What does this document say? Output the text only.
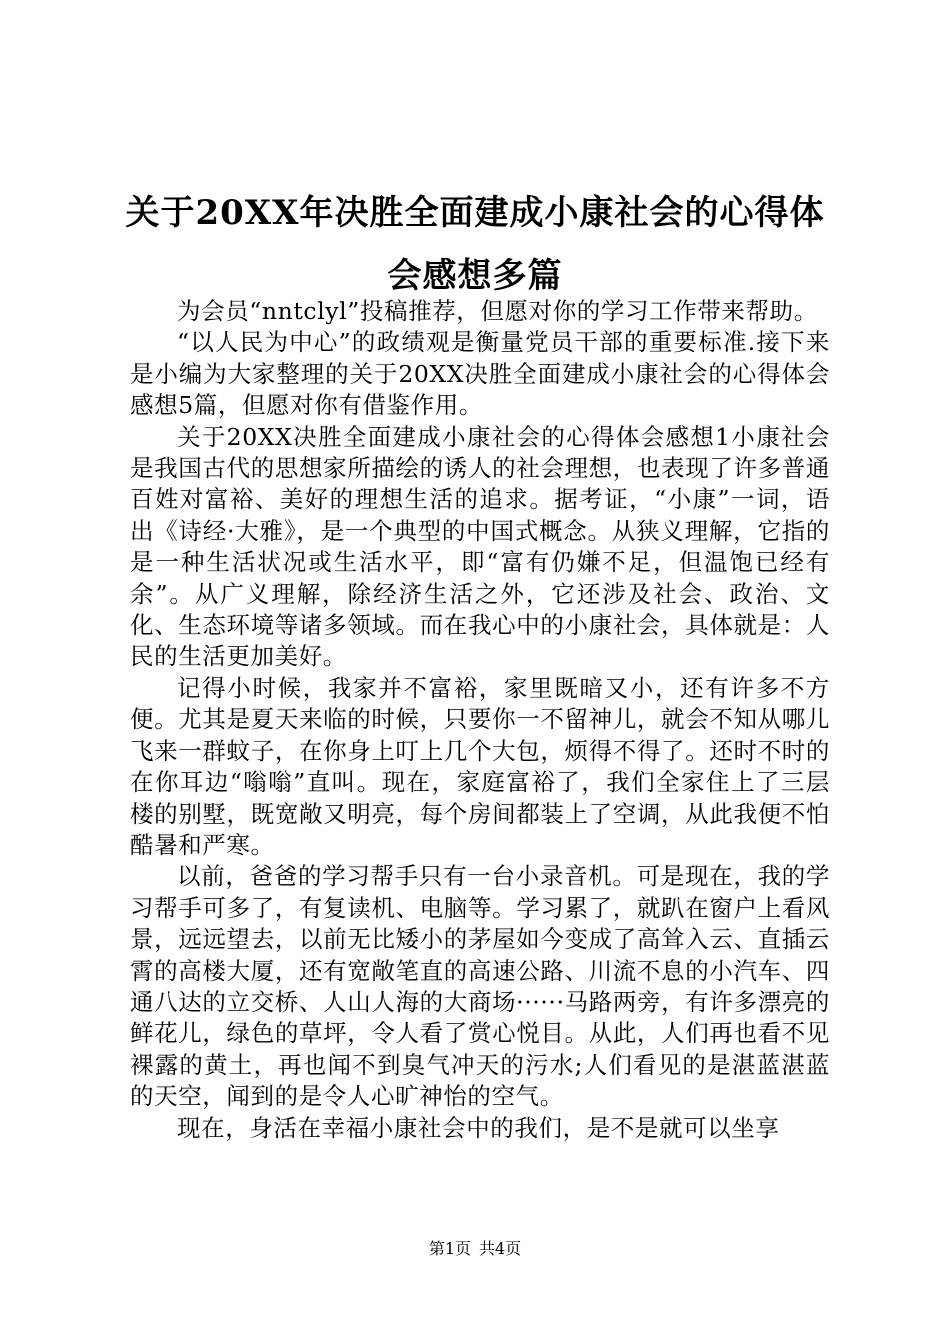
关于20XX年决胜全面建成小康社会的心得体
会感想多篇

为会员“nntclyl”投稿推荐，但愿对你的学习工作带来帮助。

“以人民为中心”的政绩观是衡量党员干部的重要标准.接下来是小编为大家整理的关于20XX决胜全面建成小康社会的心得体会感想5篇，但愿对你有借鉴作用。

关于20XX决胜全面建成小康社会的心得体会感想1小康社会是我国古代的思想家所描绘的诱人的社会理想，也表现了许多普通百姓对富裕、美好的理想生活的追求。据考证，“小康”一词，语出《诗经·大雅》，是一个典型的中国式概念。从狭义理解，它指的是一种生活状况或生活水平，即“富有仍嫌不足，但温饱已经有余”。从广义理解，除经济生活之外，它还涉及社会、政治、文化、生态环境等诸多领域。而在我心中的小康社会，具体就是：人民的生活更加美好。

记得小时候，我家并不富裕，家里既暗又小，还有许多不方便。尤其是夏天来临的时候，只要你一不留神儿，就会不知从哪儿飞来一群蚊子，在你身上叮上几个大包，烦得不得了。还时不时的在你耳边“嗡嗡”直叫。现在，家庭富裕了，我们全家住上了三层楼的别墅，既宽敞又明亮，每个房间都装上了空调，从此我便不怕酷暑和严寒。

以前，爸爸的学习帮手只有一台小录音机。可是现在，我的学习帮手可多了，有复读机、电脑等。学习累了，就趴在窗户上看风景，远远望去，以前无比矮小的茅屋如今变成了高耸入云、直插云霄的高楼大厦，还有宽敞笔直的高速公路、川流不息的小汽车、四通八达的立交桥、人山人海的大商场······马路两旁，有许多漂亮的鲜花儿，绿色的草坪，令人看了赏心悦目。从此，人们再也看不见裸露的黄土，再也闻不到臭气冲天的污水;人们看见的是湛蓝湛蓝的天空，闻到的是令人心旷神怡的空气。

现在，身活在幸福小康社会中的我们，是不是就可以坐享

第1页 共4页
